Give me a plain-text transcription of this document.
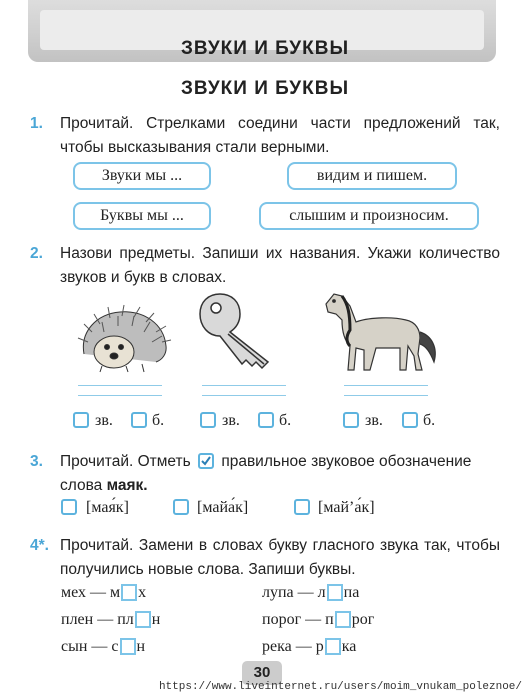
ЗВУКИ И БУКВЫ
ЗВУКИ И БУКВЫ
1. Прочитай. Стрелками соедини части предложений так, чтобы высказывания стали верными.
Звуки мы ...
Буквы мы ...
видим и пишем.
слышим и произносим.
2. Назови предметы. Запиши их названия. Укажи количество звуков и букв в словах.
зв. б.	зв. б.	зв.	б.
3. Прочитай. Отметь правильное звуковое обозначение слова маяк.
[мая́к]	[майа́к]	[май’а́к]
4*. Прочитай. Замени в словах букву гласного звука так, чтобы получились новые слова. Запиши буквы.
мех — м х	лупа — л па
плен — пл н	порог — п рог
сын — с н	река — р ка
30
https://www.liveinternet.ru/users/moim_vnukam_poleznoe/
